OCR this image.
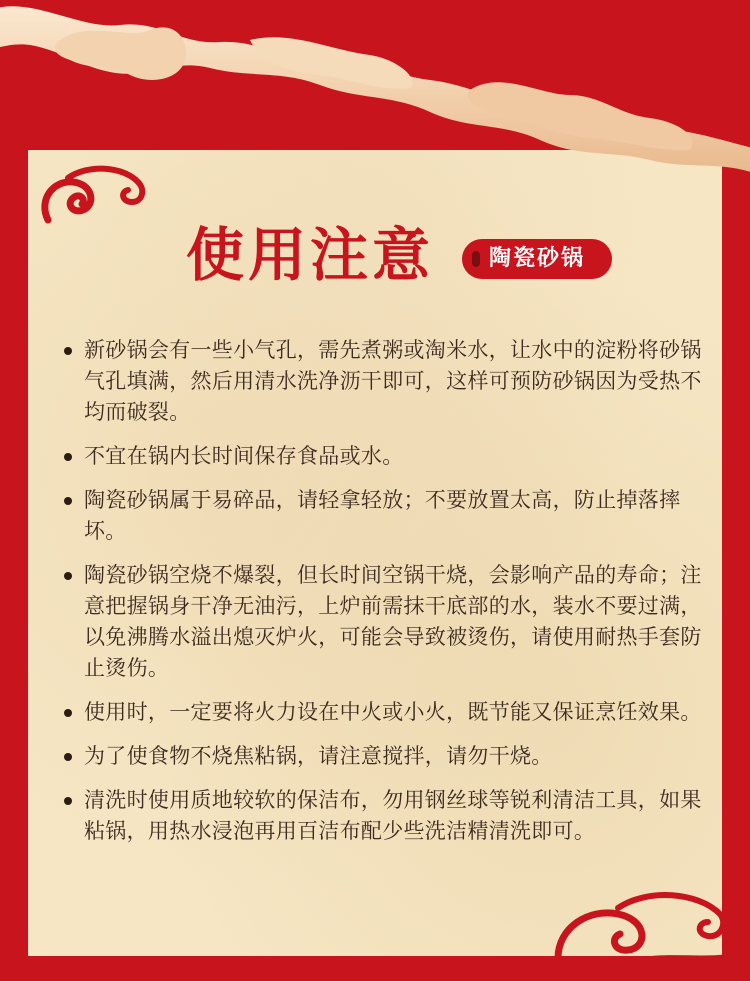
使用注意	陶瓷砂锅
新砂锅会有一些小气孔，需先煮粥或淘米水，让水中的淀粉将砂锅气孔填满，然后用清水洗净沥干即可，这样可预防砂锅因为受热不均而破裂。
不宜在锅内长时间保存食品或水。
陶瓷砂锅属于易碎品，请轻拿轻放；不要放置太高，防止掉落摔坏。
陶瓷砂锅空烧不爆裂，但长时间空锅干烧，会影响产品的寿命；注意把握锅身干净无油污，上炉前需抹干底部的水，装水不要过满，以免沸腾水溢出熄灭炉火，可能会导致被烫伤，请使用耐热手套防止烫伤。
使用时，一定要将火力设在中火或小火，既节能又保证烹饪效果。
为了使食物不烧焦粘锅，请注意搅拌，请勿干烧。
清洗时使用质地较软的保洁布，勿用钢丝球等锐利清洁工具，如果粘锅，用热水浸泡再用百洁布配少些洗洁精清洗即可。
